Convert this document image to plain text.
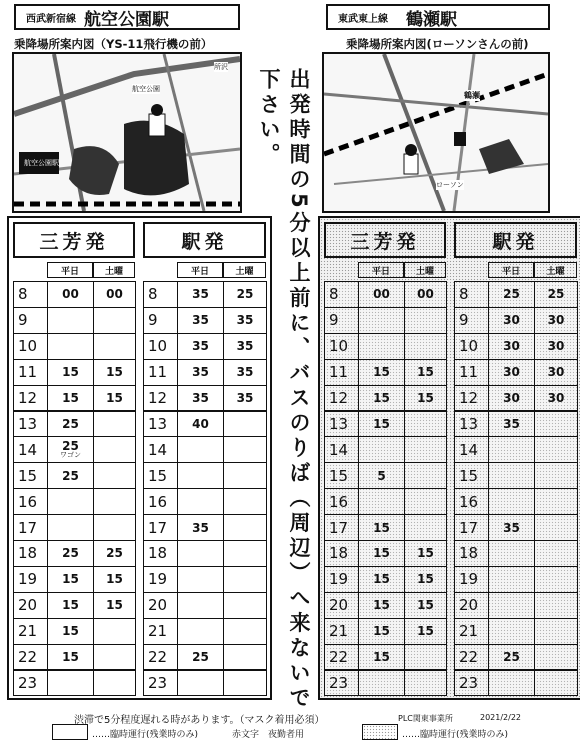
西武新宿線 航空公園駅	東武東上線 鶴瀬駅
乗降場所案内図（YS-11飛行機の前）	乗降場所案内図(ローソンさんの前)
航空公園
所沢
航空公園駅
鶴瀬
ローソン
三芳発
平日	土曜
8	00	00
9
10
11	15	15
12	15	15
13	25
14	25
ワゴン
15	25
16
17
18	25	25
19	15	15
20	15	15
21	15
22	15
23
駅発
平日	土曜
8	35	25
9	35	35
10	35	35
11	35	35
12	35	35
13	40
14
15
16
17	35
18
19
20
21
22	25
23
三芳発
平日	土曜
8	00	00
9
10
11	15	15
12	15	15
13	15
14
15	5
16
17	15
18	15	15
19	15	15
20	15	15
21	15	15
22	15
23
駅発
平日	土曜
8	25	25
9	30	30
10	30	30
11	30	30
12	30	30
13	35
14
15
16
17	35
18
19
20
21
22	25
23
出発時間の5分以上前に、バスのりば（周辺）へ来ないで下さい。
渋滞で5分程度遅れる時があります。（マスク着用必須）	PLC関東事業所	2021/2/22
……臨時運行(残業時のみ)	赤文字　夜勤者用	……臨時運行(残業時のみ)
